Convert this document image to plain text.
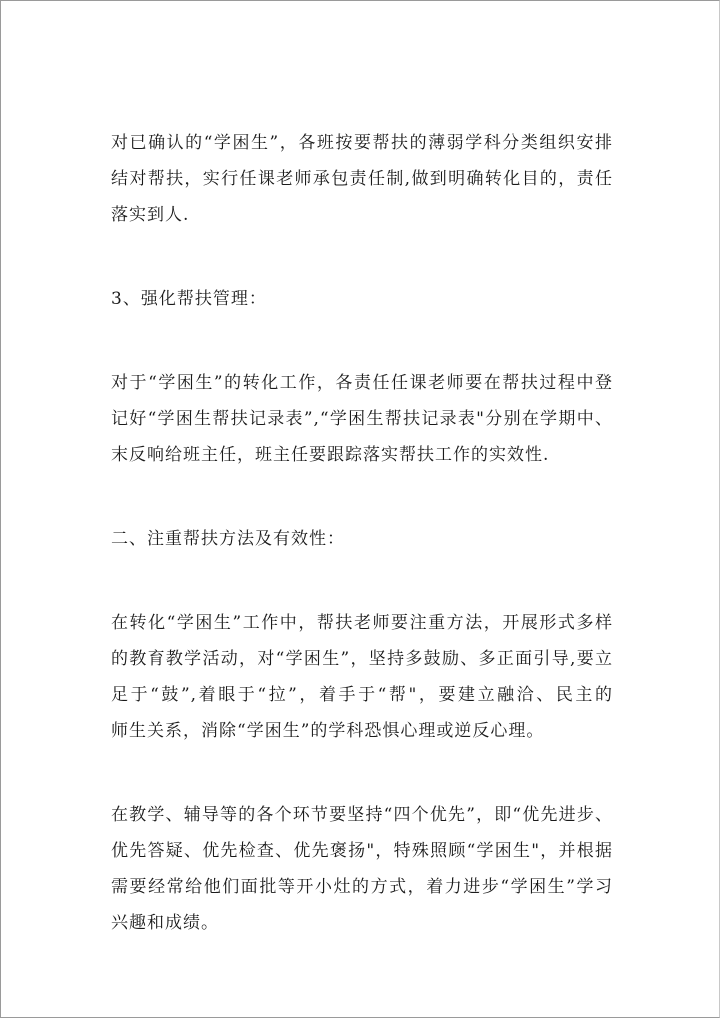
对已确认的“学困生”，各班按要帮扶的薄弱学科分类组织安排
结对帮扶，实行任课老师承包责任制,做到明确转化目的，责任
落实到人.
3、强化帮扶管理：
对于“学困生”的转化工作，各责任任课老师要在帮扶过程中登
记好“学困生帮扶记录表”,“学困生帮扶记录表"分别在学期中、
末反响给班主任，班主任要跟踪落实帮扶工作的实效性.
二、注重帮扶方法及有效性：
在转化“学困生”工作中，帮扶老师要注重方法，开展形式多样
的教育教学活动，对“学困生”，坚持多鼓励、多正面引导,要立
足于“鼓”,着眼于“拉”，着手于“帮"，要建立融洽、民主的
师生关系，消除“学困生”的学科恐惧心理或逆反心理。
在教学、辅导等的各个环节要坚持“四个优先”，即“优先进步、
优先答疑、优先检查、优先褒扬"，特殊照顾“学困生"，并根据
需要经常给他们面批等开小灶的方式，着力进步“学困生”学习
兴趣和成绩。
